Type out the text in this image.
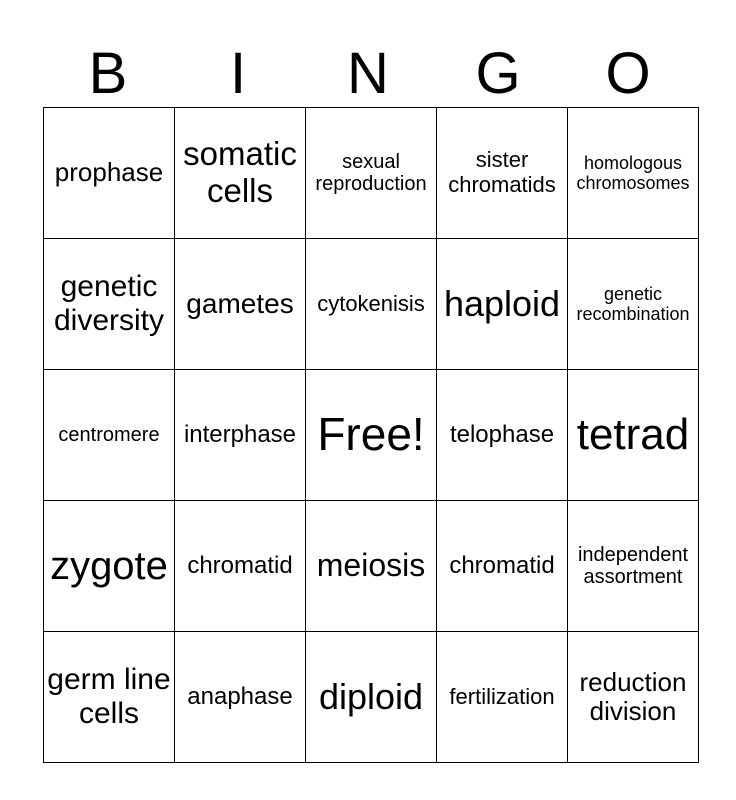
B	I	N	G	O
prophase	somatic cells	sexual reproduction	sister chromatids	homologous chromosomes
genetic diversity	gametes	cytokenisis	haploid	genetic recombination
centromere	interphase	Free!	telophase	tetrad
zygote	chromatid	meiosis	chromatid	independent assortment
germ line cells	anaphase	diploid	fertilization	reduction division
